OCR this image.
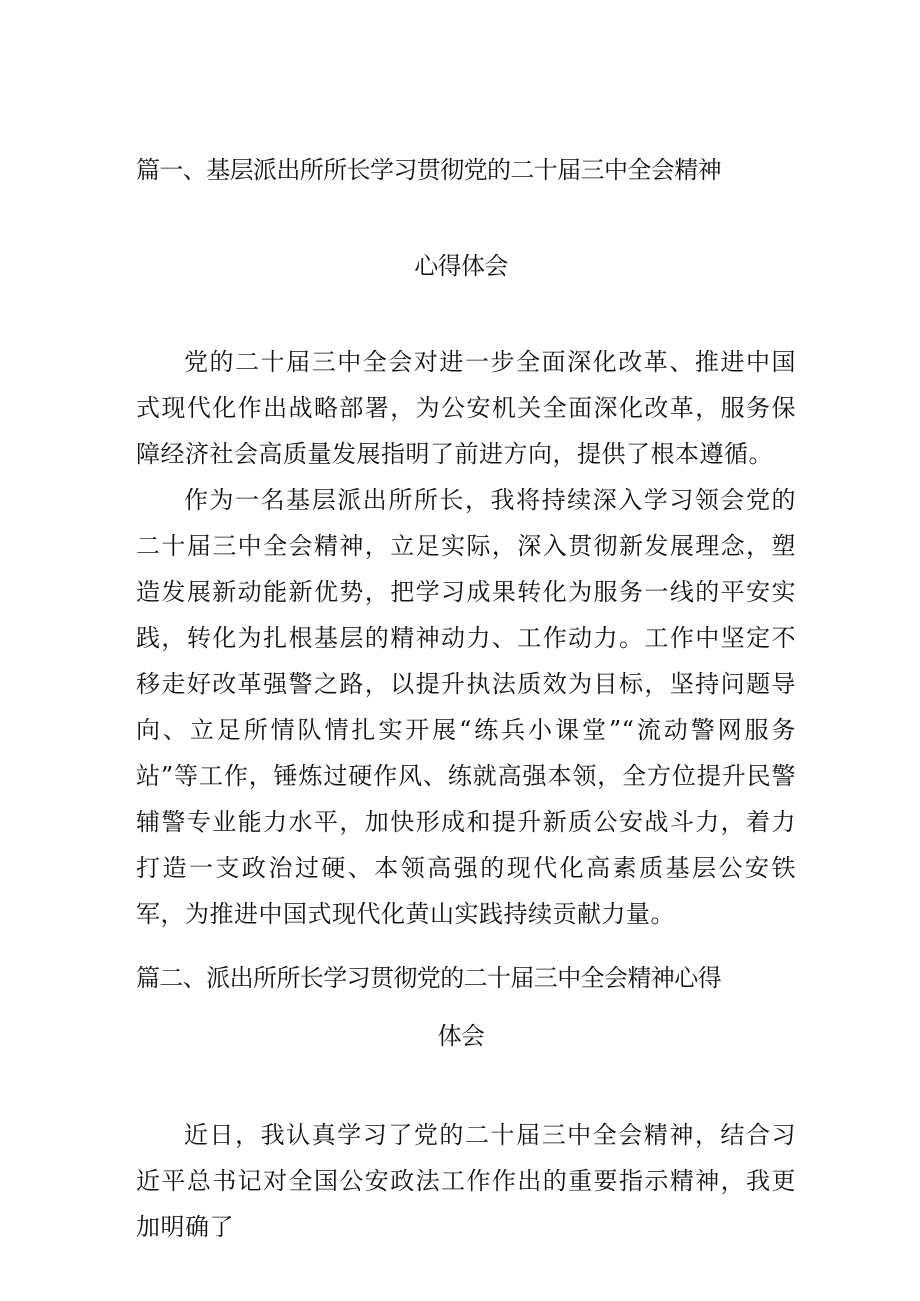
篇一、基层派出所所长学习贯彻党的二十届三中全会精神
心得体会

党的二十届三中全会对进一步全面深化改革、推进中国式现代化作出战略部署，为公安机关全面深化改革，服务保障经济社会高质量发展指明了前进方向，提供了根本遵循。

作为一名基层派出所所长，我将持续深入学习领会党的二十届三中全会精神，立足实际，深入贯彻新发展理念，塑造发展新动能新优势，把学习成果转化为服务一线的平安实践，转化为扎根基层的精神动力、工作动力。工作中坚定不移走好改革强警之路，以提升执法质效为目标，坚持问题导向、立足所情队情扎实开展“练兵小课堂”“流动警网服务站”等工作，锤炼过硬作风、练就高强本领，全方位提升民警辅警专业能力水平，加快形成和提升新质公安战斗力，着力打造一支政治过硬、本领高强的现代化高素质基层公安铁军，为推进中国式现代化黄山实践持续贡献力量。

篇二、派出所所长学习贯彻党的二十届三中全会精神心得
体会

近日，我认真学习了党的二十届三中全会精神，结合习近平总书记对全国公安政法工作作出的重要指示精神，我更加明确了
